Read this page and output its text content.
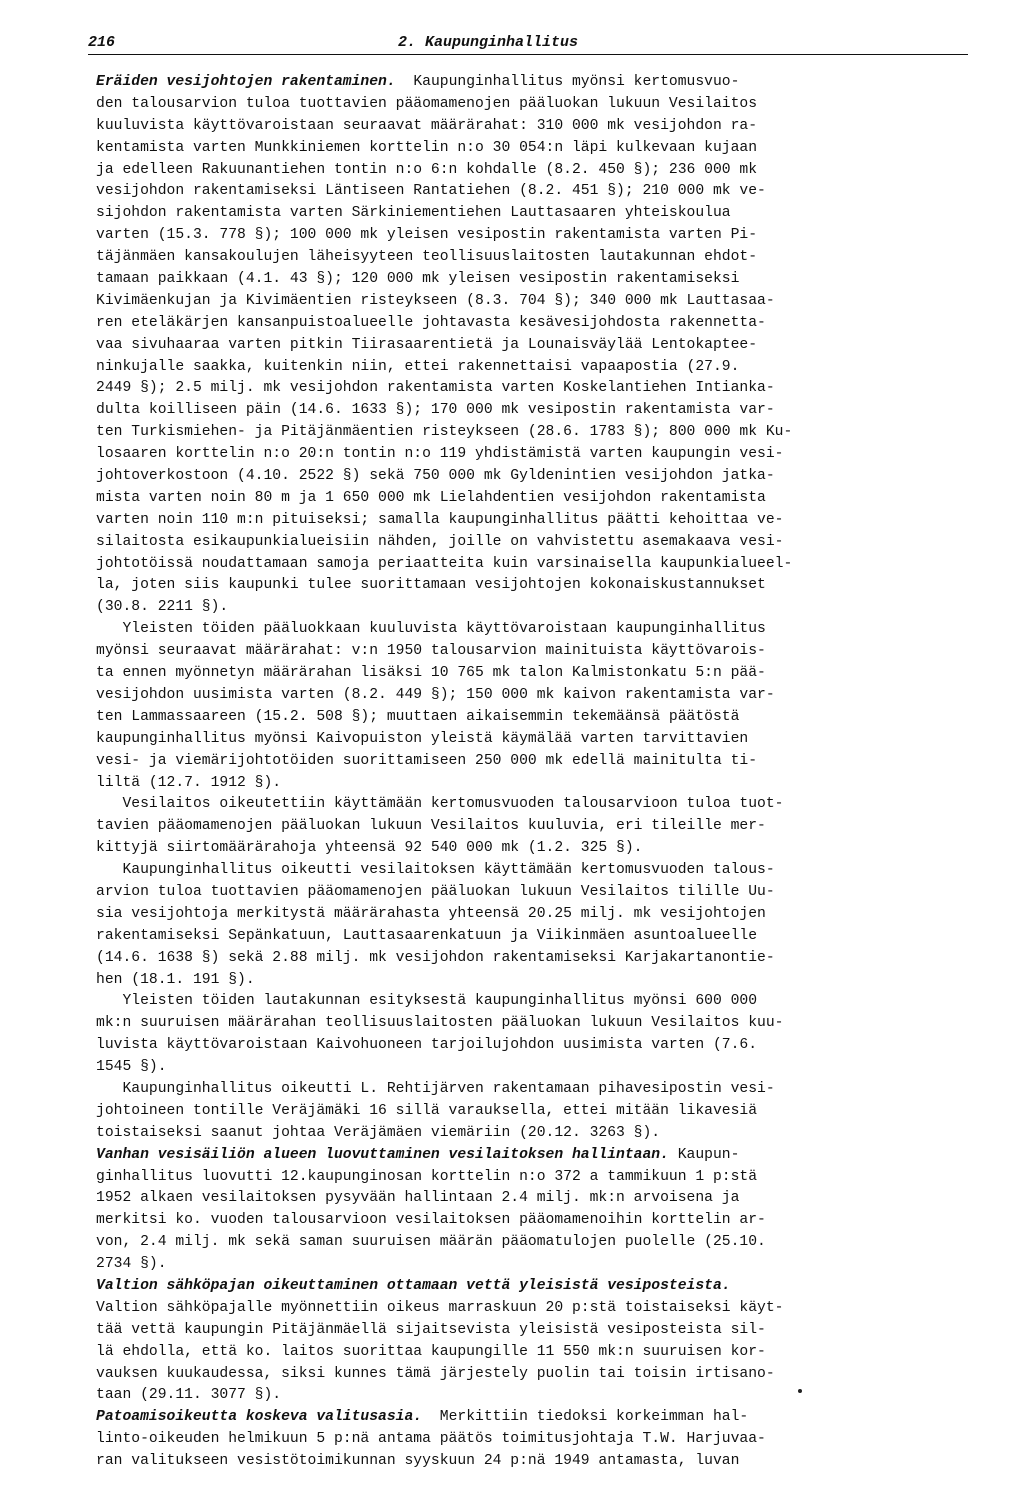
216	2. Kaupunginhallitus
Eräiden vesijohtojen rakentaminen.  Kaupunginhallitus myönsi kertomusvuo-
den talousarvion tuloa tuottavien pääomamenojen pääluokan lukuun Vesilaitos
kuuluvista käyttövaroistaan seuraavat määrärahat: 310 000 mk vesijohdon ra-
kentamista varten Munkkiniemen korttelin n:o 30 054:n läpi kulkevaan kujaan
ja edelleen Rakuunantiehen tontin n:o 6:n kohdalle (8.2. 450 §); 236 000 mk
vesijohdon rakentamiseksi Läntiseen Rantatiehen (8.2. 451 §); 210 000 mk ve-
sijohdon rakentamista varten Särkiniementiehen Lauttasaaren yhteiskoulua
varten (15.3. 778 §); 100 000 mk yleisen vesipostin rakentamista varten Pi-
täjänmäen kansakoulujen läheisyyteen teollisuuslaitosten lautakunnan ehdot-
tamaan paikkaan (4.1. 43 §); 120 000 mk yleisen vesipostin rakentamiseksi
Kivimäenkujan ja Kivimäentien risteykseen (8.3. 704 §); 340 000 mk Lauttasaa-
ren eteläkärjen kansanpuistoalueelle johtavasta kesävesijohdosta rakennetta-
vaa sivuhaaraa varten pitkin Tiirasaarentietä ja Lounaisväylää Lentokaptee-
ninkujalle saakka, kuitenkin niin, ettei rakennettaisi vapaapostia (27.9.
2449 §); 2.5 milj. mk vesijohdon rakentamista varten Koskelantiehen Intianka-
dulta koilliseen päin (14.6. 1633 §); 170 000 mk vesipostin rakentamista var-
ten Turkismiehen- ja Pitäjänmäentien risteykseen (28.6. 1783 §); 800 000 mk Ku-
losaaren korttelin n:o 20:n tontin n:o 119 yhdistämistä varten kaupungin vesi-
johtoverkostoon (4.10. 2522 §) sekä 750 000 mk Gyldenintien vesijohdon jatka-
mista varten noin 80 m ja 1 650 000 mk Lielahdentien vesijohdon rakentamista
varten noin 110 m:n pituiseksi; samalla kaupunginhallitus päätti kehoittaa ve-
silaitosta esikaupunkialueisiin nähden, joille on vahvistettu asemakaava vesi-
johtotöissä noudattamaan samoja periaatteita kuin varsinaisella kaupunkialueel-
la, joten siis kaupunki tulee suorittamaan vesijohtojen kokonaiskustannukset
(30.8. 2211 §).
Yleisten töiden pääluokkaan kuuluvista käyttövaroistaan kaupunginhallitus
myönsi seuraavat määrärahat: v:n 1950 talousarvion mainituista käyttövarois-
ta ennen myönnetyn määrärahan lisäksi 10 765 mk talon Kalmistonkatu 5:n pää-
vesijohdon uusimista varten (8.2. 449 §); 150 000 mk kaivon rakentamista var-
ten Lammassaareen (15.2. 508 §); muuttaen aikaisemmin tekemäänsä päätöstä
kaupunginhallitus myönsi Kaivopuiston yleistä käymälää varten tarvittavien
vesi- ja viemärijohtotöiden suorittamiseen 250 000 mk edellä mainitulta ti-
liltä (12.7. 1912 §).
Vesilaitos oikeutettiin käyttämään kertomusvuoden talousarvioon tuloa tuot-
tavien pääomamenojen pääluokan lukuun Vesilaitos kuuluvia, eri tileille mer-
kittyjä siirtomäärärahoja yhteensä 92 540 000 mk (1.2. 325 §).
Kaupunginhallitus oikeutti vesilaitoksen käyttämään kertomusvuoden talous-
arvion tuloa tuottavien pääomamenojen pääluokan lukuun Vesilaitos tilille Uu-
sia vesijohtoja merkitystä määrärahasta yhteensä 20.25 milj. mk vesijohtojen
rakentamiseksi Sepänkatuun, Lauttasaarenkatuun ja Viikinmäen asuntoalueelle
(14.6. 1638 §) sekä 2.88 milj. mk vesijohdon rakentamiseksi Karjakartanontie-
hen (18.1. 191 §).
Yleisten töiden lautakunnan esityksestä kaupunginhallitus myönsi 600 000
mk:n suuruisen määrärahan teollisuuslaitosten pääluokan lukuun Vesilaitos kuu-
luvista käyttövaroistaan Kaivohuoneen tarjoilujohdon uusimista varten (7.6.
1545 §).
Kaupunginhallitus oikeutti L. Rehtijärven rakentamaan pihavesipostin vesi-
johtoineen tontille Veräjämäki 16 sillä varauksella, ettei mitään likavesiä
toistaiseksi saanut johtaa Veräjämäen viemäriin (20.12. 3263 §).
Vanhan vesisäiliön alueen luovuttaminen vesilaitoksen hallintaan. Kaupun-
ginhallitus luovutti 12.kaupunginosan korttelin n:o 372 a tammikuun 1 p:stä
1952 alkaen vesilaitoksen pysyvään hallintaan 2.4 milj. mk:n arvoisena ja
merkitsi ko. vuoden talousarvioon vesilaitoksen pääomamenoihin korttelin ar-
von, 2.4 milj. mk sekä saman suuruisen määrän pääomatulojen puolelle (25.10.
2734 §).
Valtion sähköpajan oikeuttaminen ottamaan vettä yleisistä vesiposteista.
Valtion sähköpajalle myönnettiin oikeus marraskuun 20 p:stä toistaiseksi käyt-
tää vettä kaupungin Pitäjänmäellä sijaitsevista yleisistä vesiposteista sil-
lä ehdolla, että ko. laitos suorittaa kaupungille 11 550 mk:n suuruisen kor-
vauksen kuukaudessa, siksi kunnes tämä järjestely puolin tai toisin irtisano-
taan (29.11. 3077 §).
Patoamisoikeutta koskeva valitusasia.  Merkittiin tiedoksi korkeimman hal-
linto-oikeuden helmikuun 5 p:nä antama päätös toimitusjohtaja T.W. Harjuvaa-
ran valitukseen vesistötoimikunnan syyskuun 24 p:nä 1949 antamasta, luvan
